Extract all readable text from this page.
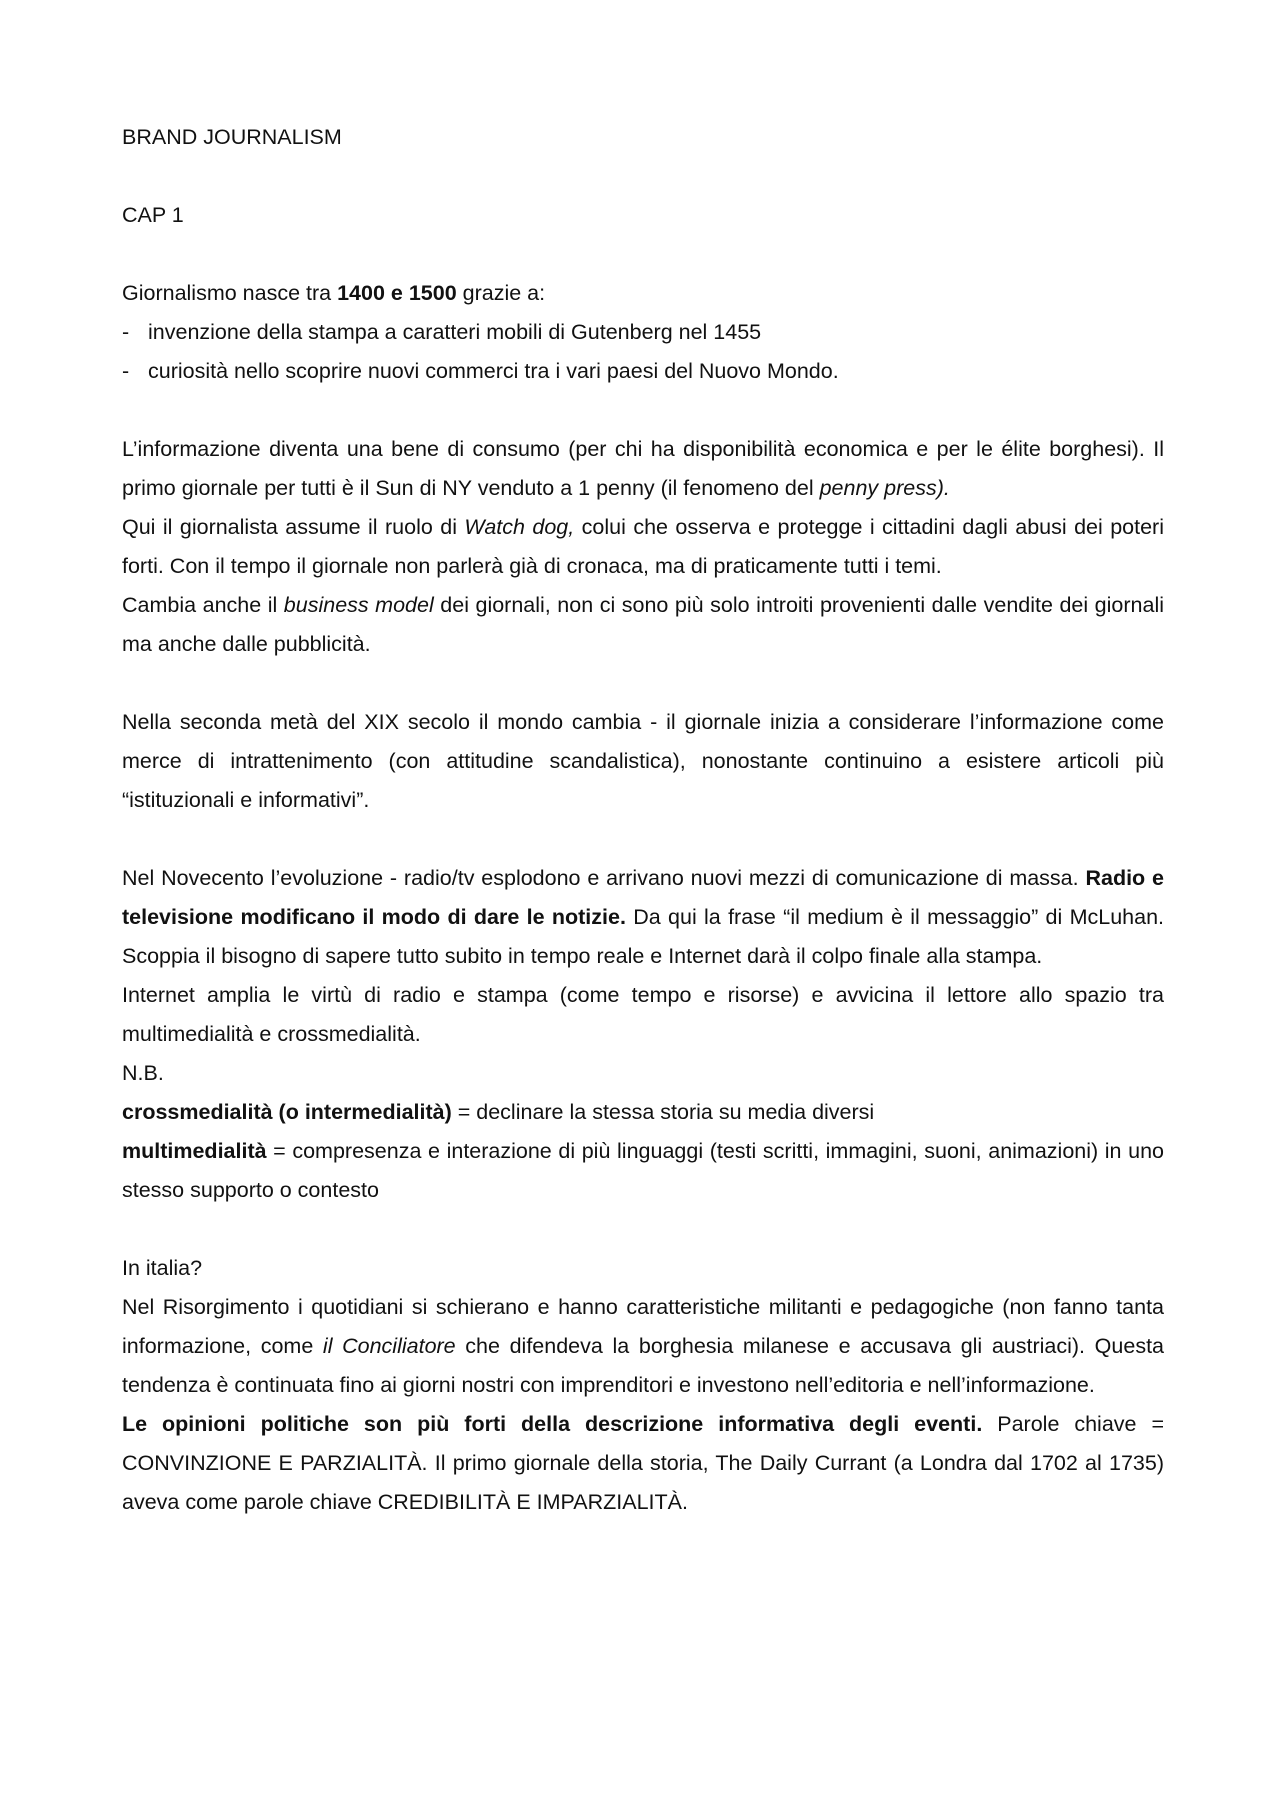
BRAND JOURNALISM

CAP 1

Giornalismo nasce tra 1400 e 1500 grazie a:

- invenzione della stampa a caratteri mobili di Gutenberg nel 1455
- curiosità nello scoprire nuovi commerci tra i vari paesi del Nuovo Mondo.

L’informazione diventa una bene di consumo (per chi ha disponibilità economica e per le élite borghesi). Il primo giornale per tutti è il Sun di NY venduto a 1 penny (il fenomeno del penny press).

Qui il giornalista assume il ruolo di Watch dog, colui che osserva e protegge i cittadini dagli abusi dei poteri forti. Con il tempo il giornale non parlerà già di cronaca, ma di praticamente tutti i temi.

Cambia anche il business model dei giornali, non ci sono più solo introiti provenienti dalle vendite dei giornali ma anche dalle pubblicità.

Nella seconda metà del XIX secolo il mondo cambia - il giornale inizia a considerare l’informazione come merce di intrattenimento (con attitudine scandalistica), nonostante continuino a esistere articoli più “istituzionali e informativi”.

Nel Novecento l’evoluzione - radio/tv esplodono e arrivano nuovi mezzi di comunicazione di massa. Radio e televisione modificano il modo di dare le notizie. Da qui la frase “il medium è il messaggio” di McLuhan. Scoppia il bisogno di sapere tutto subito in tempo reale e Internet darà il colpo finale alla stampa.

Internet amplia le virtù di radio e stampa (come tempo e risorse) e avvicina il lettore allo spazio tra multimedialità e crossmedialità.

N.B.

crossmedialità (o intermedialità) = declinare la stessa storia su media diversi

multimedialità = compresenza e interazione di più linguaggi (testi scritti, immagini, suoni, animazioni) in uno stesso supporto o contesto

In italia?

Nel Risorgimento i quotidiani si schierano e hanno caratteristiche militanti e pedagogiche (non fanno tanta informazione, come il Conciliatore che difendeva la borghesia milanese e accusava gli austriaci). Questa tendenza è continuata fino ai giorni nostri con imprenditori e investono nell’editoria e nell’informazione.

Le opinioni politiche son più forti della descrizione informativa degli eventi. Parole chiave = CONVINZIONE E PARZIALITÀ. Il primo giornale della storia, The Daily Currant (a Londra dal 1702 al 1735) aveva come parole chiave CREDIBILITÀ E IMPARZIALITÀ.
